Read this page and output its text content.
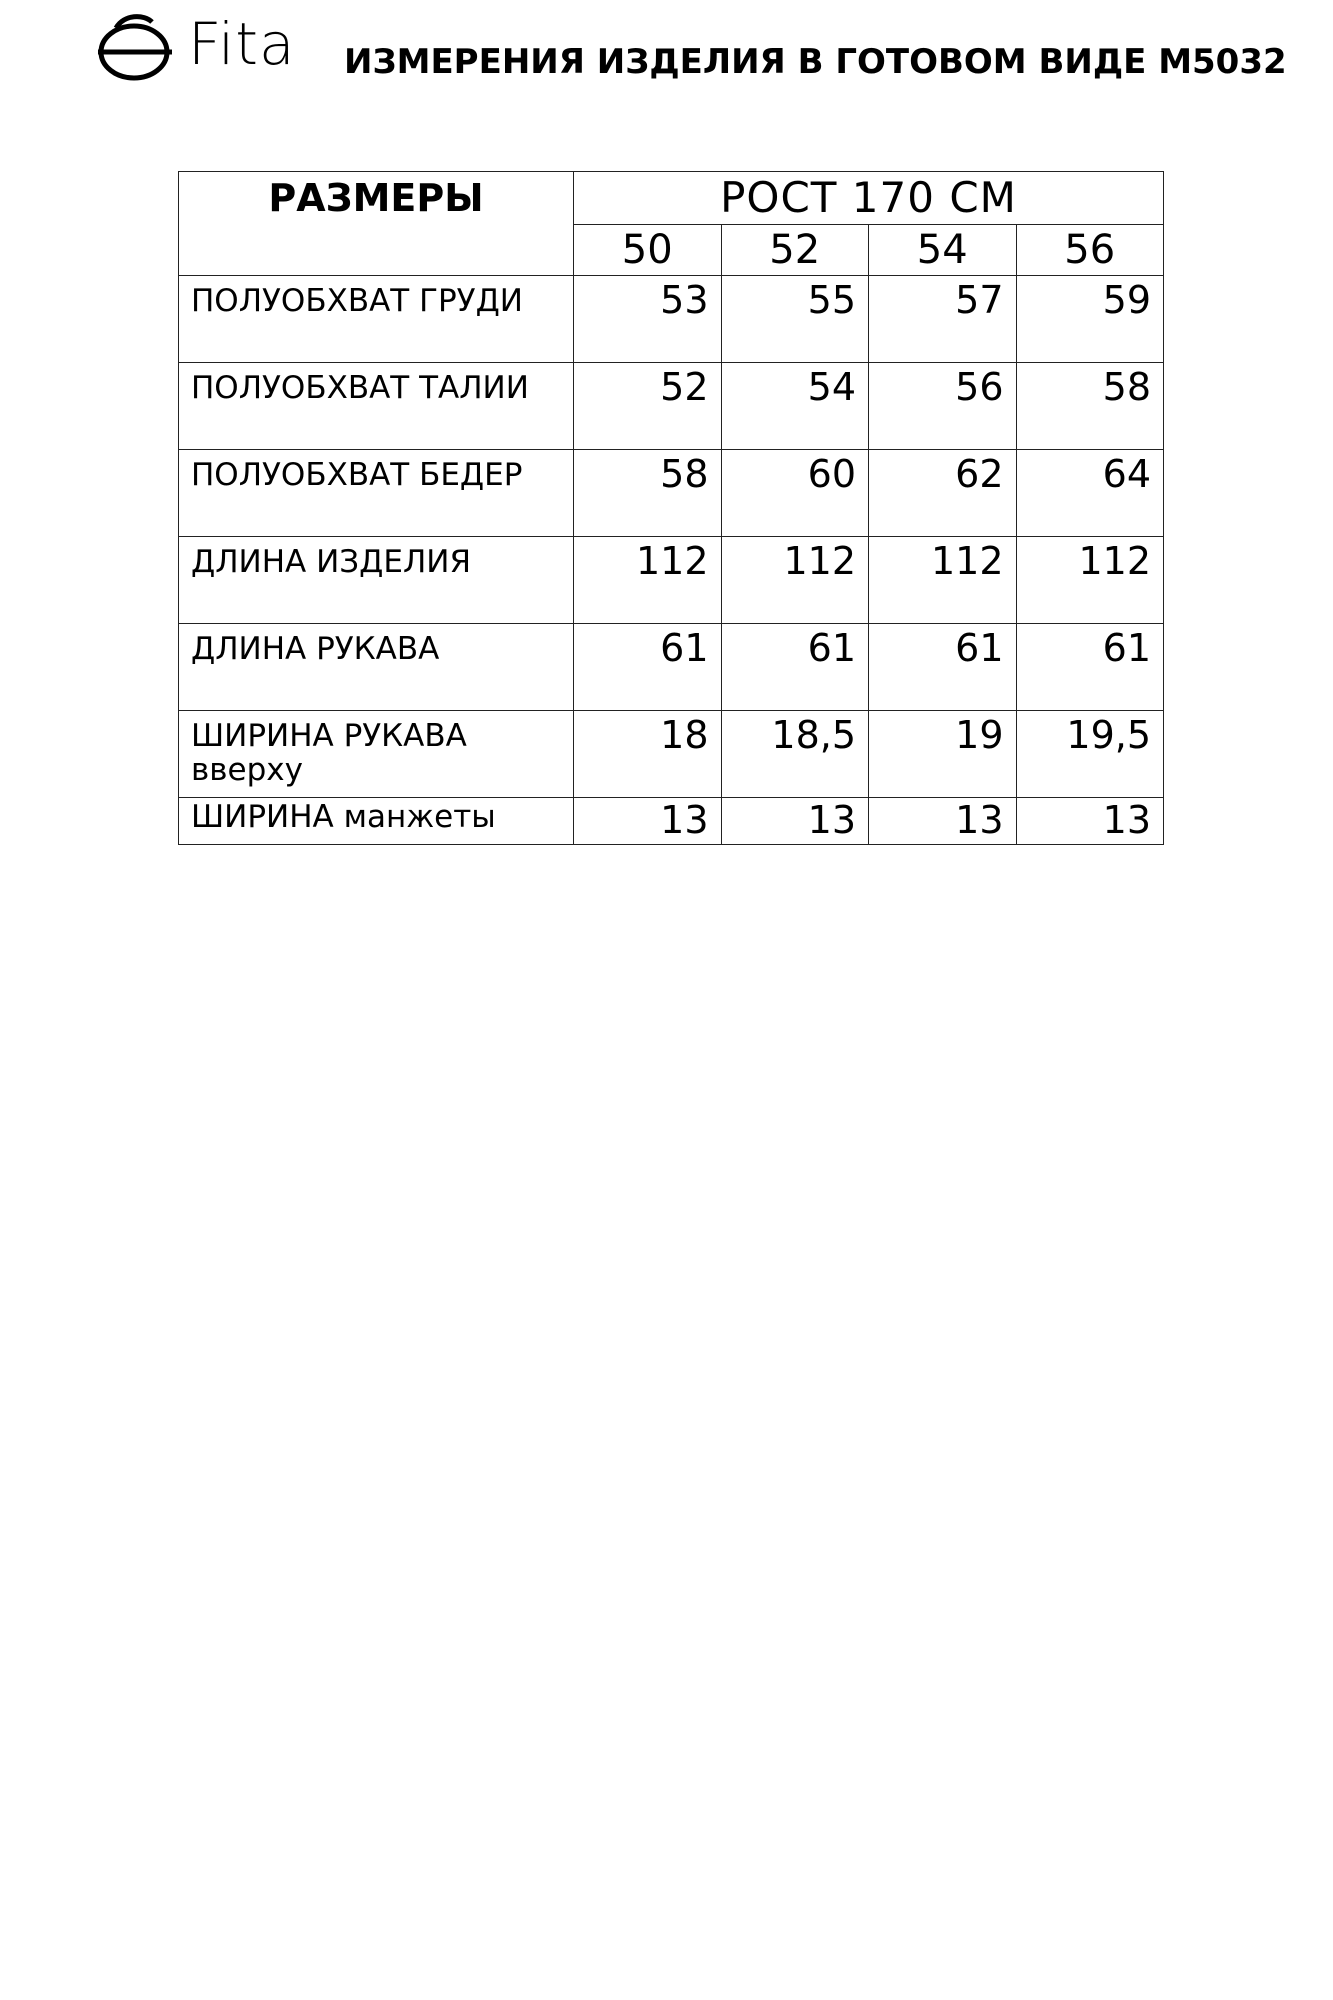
Fita ИЗМЕРЕНИЯ ИЗДЕЛИЯ В ГОТОВОМ ВИДЕ М5032
РАЗМЕРЫ	РОСТ 170 СМ			
	50	52	54	56
ПОЛУОБХВАТ ГРУДИ	53	55	57	59
ПОЛУОБХВАТ ТАЛИИ	52	54	56	58
ПОЛУОБХВАТ БЕДЕР	58	60	62	64
ДЛИНА ИЗДЕЛИЯ	112	112	112	112
ДЛИНА РУКАВА	61	61	61	61
ШИРИНА РУКАВА вверху	18	18,5	19	19,5
ШИРИНА манжеты	13	13	13	13
